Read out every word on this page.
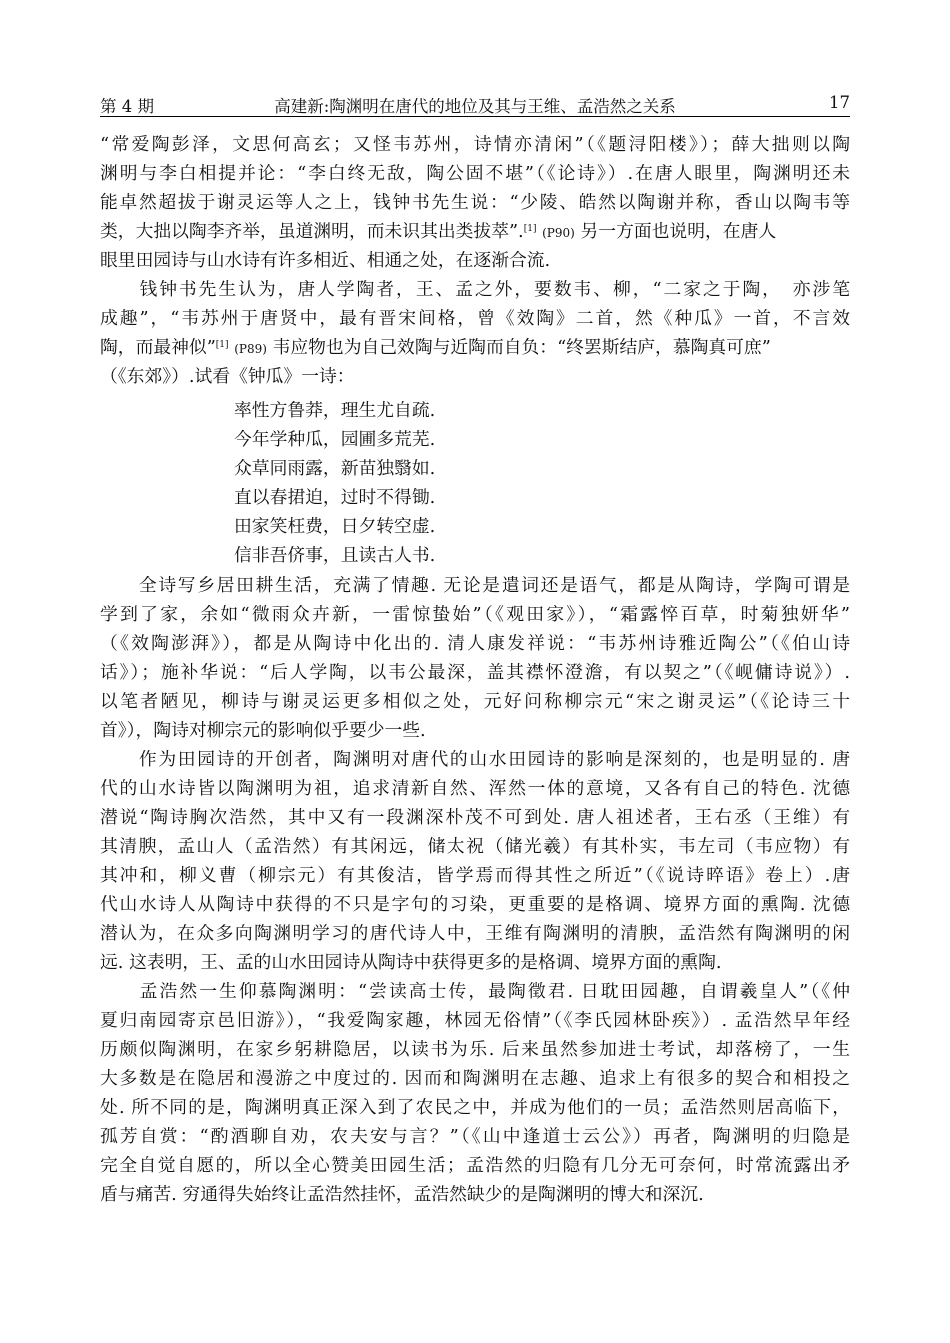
第 4 期	高建新:陶渊明在唐代的地位及其与王维、孟浩然之关系	17
“常爱陶彭泽，文思何高玄；又怪韦苏州，诗情亦清闲”（《题浔阳楼》）；薛大拙则以陶
渊明与李白相提并论：“李白终无敌，陶公固不堪”（《论诗》）.在唐人眼里，陶渊明还未
能卓然超拔于谢灵运等人之上，钱钟书先生说：“少陵、皓然以陶谢并称，香山以陶韦等
类，大拙以陶李齐举，虽道渊明，而未识其出类拔萃”.[1] (P90) 另一方面也说明，在唐人
眼里田园诗与山水诗有许多相近、相通之处，在逐渐合流.
　　钱钟书先生认为，唐人学陶者，王、孟之外，要数韦、柳，“二家之于陶，　亦涉笔
成趣”，“韦苏州于唐贤中，最有晋宋间格，曾《效陶》二首，然《种瓜》一首，不言效
陶，而最神似”[1] (P89) 韦应物也为自己效陶与近陶而自负：“终罢斯结庐，慕陶真可庶”
（《东郊》）.试看《钟瓜》一诗：
率性方鲁莽，理生尤自疏.
今年学种瓜，园圃多荒芜.
众草同雨露，新苗独翳如.
直以春捃迫，过时不得锄.
田家笑枉费，日夕转空虚.
信非吾侪事，且读古人书.
　　全诗写乡居田耕生活，充满了情趣. 无论是遣词还是语气，都是从陶诗，学陶可谓是
学到了家，余如“微雨众卉新，一雷惊蛰始”（《观田家》），“霜露悴百草，时菊独妍华”
（《效陶澎湃》），都是从陶诗中化出的. 清人康发祥说：“韦苏州诗雅近陶公”（《伯山诗
话》）；施补华说：“后人学陶，以韦公最深，盖其襟怀澄澹，有以契之”（《岘傭诗说》）.
以笔者陋见，柳诗与谢灵运更多相似之处，元好问称柳宗元“宋之谢灵运”（《论诗三十
首》），陶诗对柳宗元的影响似乎要少一些.
　　作为田园诗的开创者，陶渊明对唐代的山水田园诗的影响是深刻的，也是明显的. 唐
代的山水诗皆以陶渊明为祖，追求清新自然、浑然一体的意境，又各有自己的特色. 沈德
潜说“陶诗胸次浩然，其中又有一段渊深朴茂不可到处. 唐人祖述者，王右丞（王维）有
其清腴，孟山人（孟浩然）有其闲远，储太祝（储光羲）有其朴实，韦左司（韦应物）有
其冲和，柳义曹（柳宗元）有其俊洁，皆学焉而得其性之所近”（《说诗晬语》卷上）.唐
代山水诗人从陶诗中获得的不只是字句的习染，更重要的是格调、境界方面的熏陶. 沈德
潜认为，在众多向陶渊明学习的唐代诗人中，王维有陶渊明的清腴，孟浩然有陶渊明的闲
远. 这表明，王、孟的山水田园诗从陶诗中获得更多的是格调、境界方面的熏陶.
　　孟浩然一生仰慕陶渊明：“尝读高士传，最陶徵君. 日耽田园趣，自谓羲皇人”（《仲
夏归南园寄京邑旧游》），“我爱陶家趣，林园无俗情”（《李氏园林卧疾》）. 孟浩然早年经
历颇似陶渊明，在家乡躬耕隐居，以读书为乐. 后来虽然参加进士考试，却落榜了，一生
大多数是在隐居和漫游之中度过的. 因而和陶渊明在志趣、追求上有很多的契合和相投之
处. 所不同的是，陶渊明真正深入到了农民之中，并成为他们的一员；孟浩然则居高临下，
孤芳自赏：“酌酒聊自劝，农夫安与言？”（《山中逢道士云公》）再者，陶渊明的归隐是
完全自觉自愿的，所以全心赞美田园生活；孟浩然的归隐有几分无可奈何，时常流露出矛
盾与痛苦. 穷通得失始终让孟浩然挂怀，孟浩然缺少的是陶渊明的博大和深沉.
